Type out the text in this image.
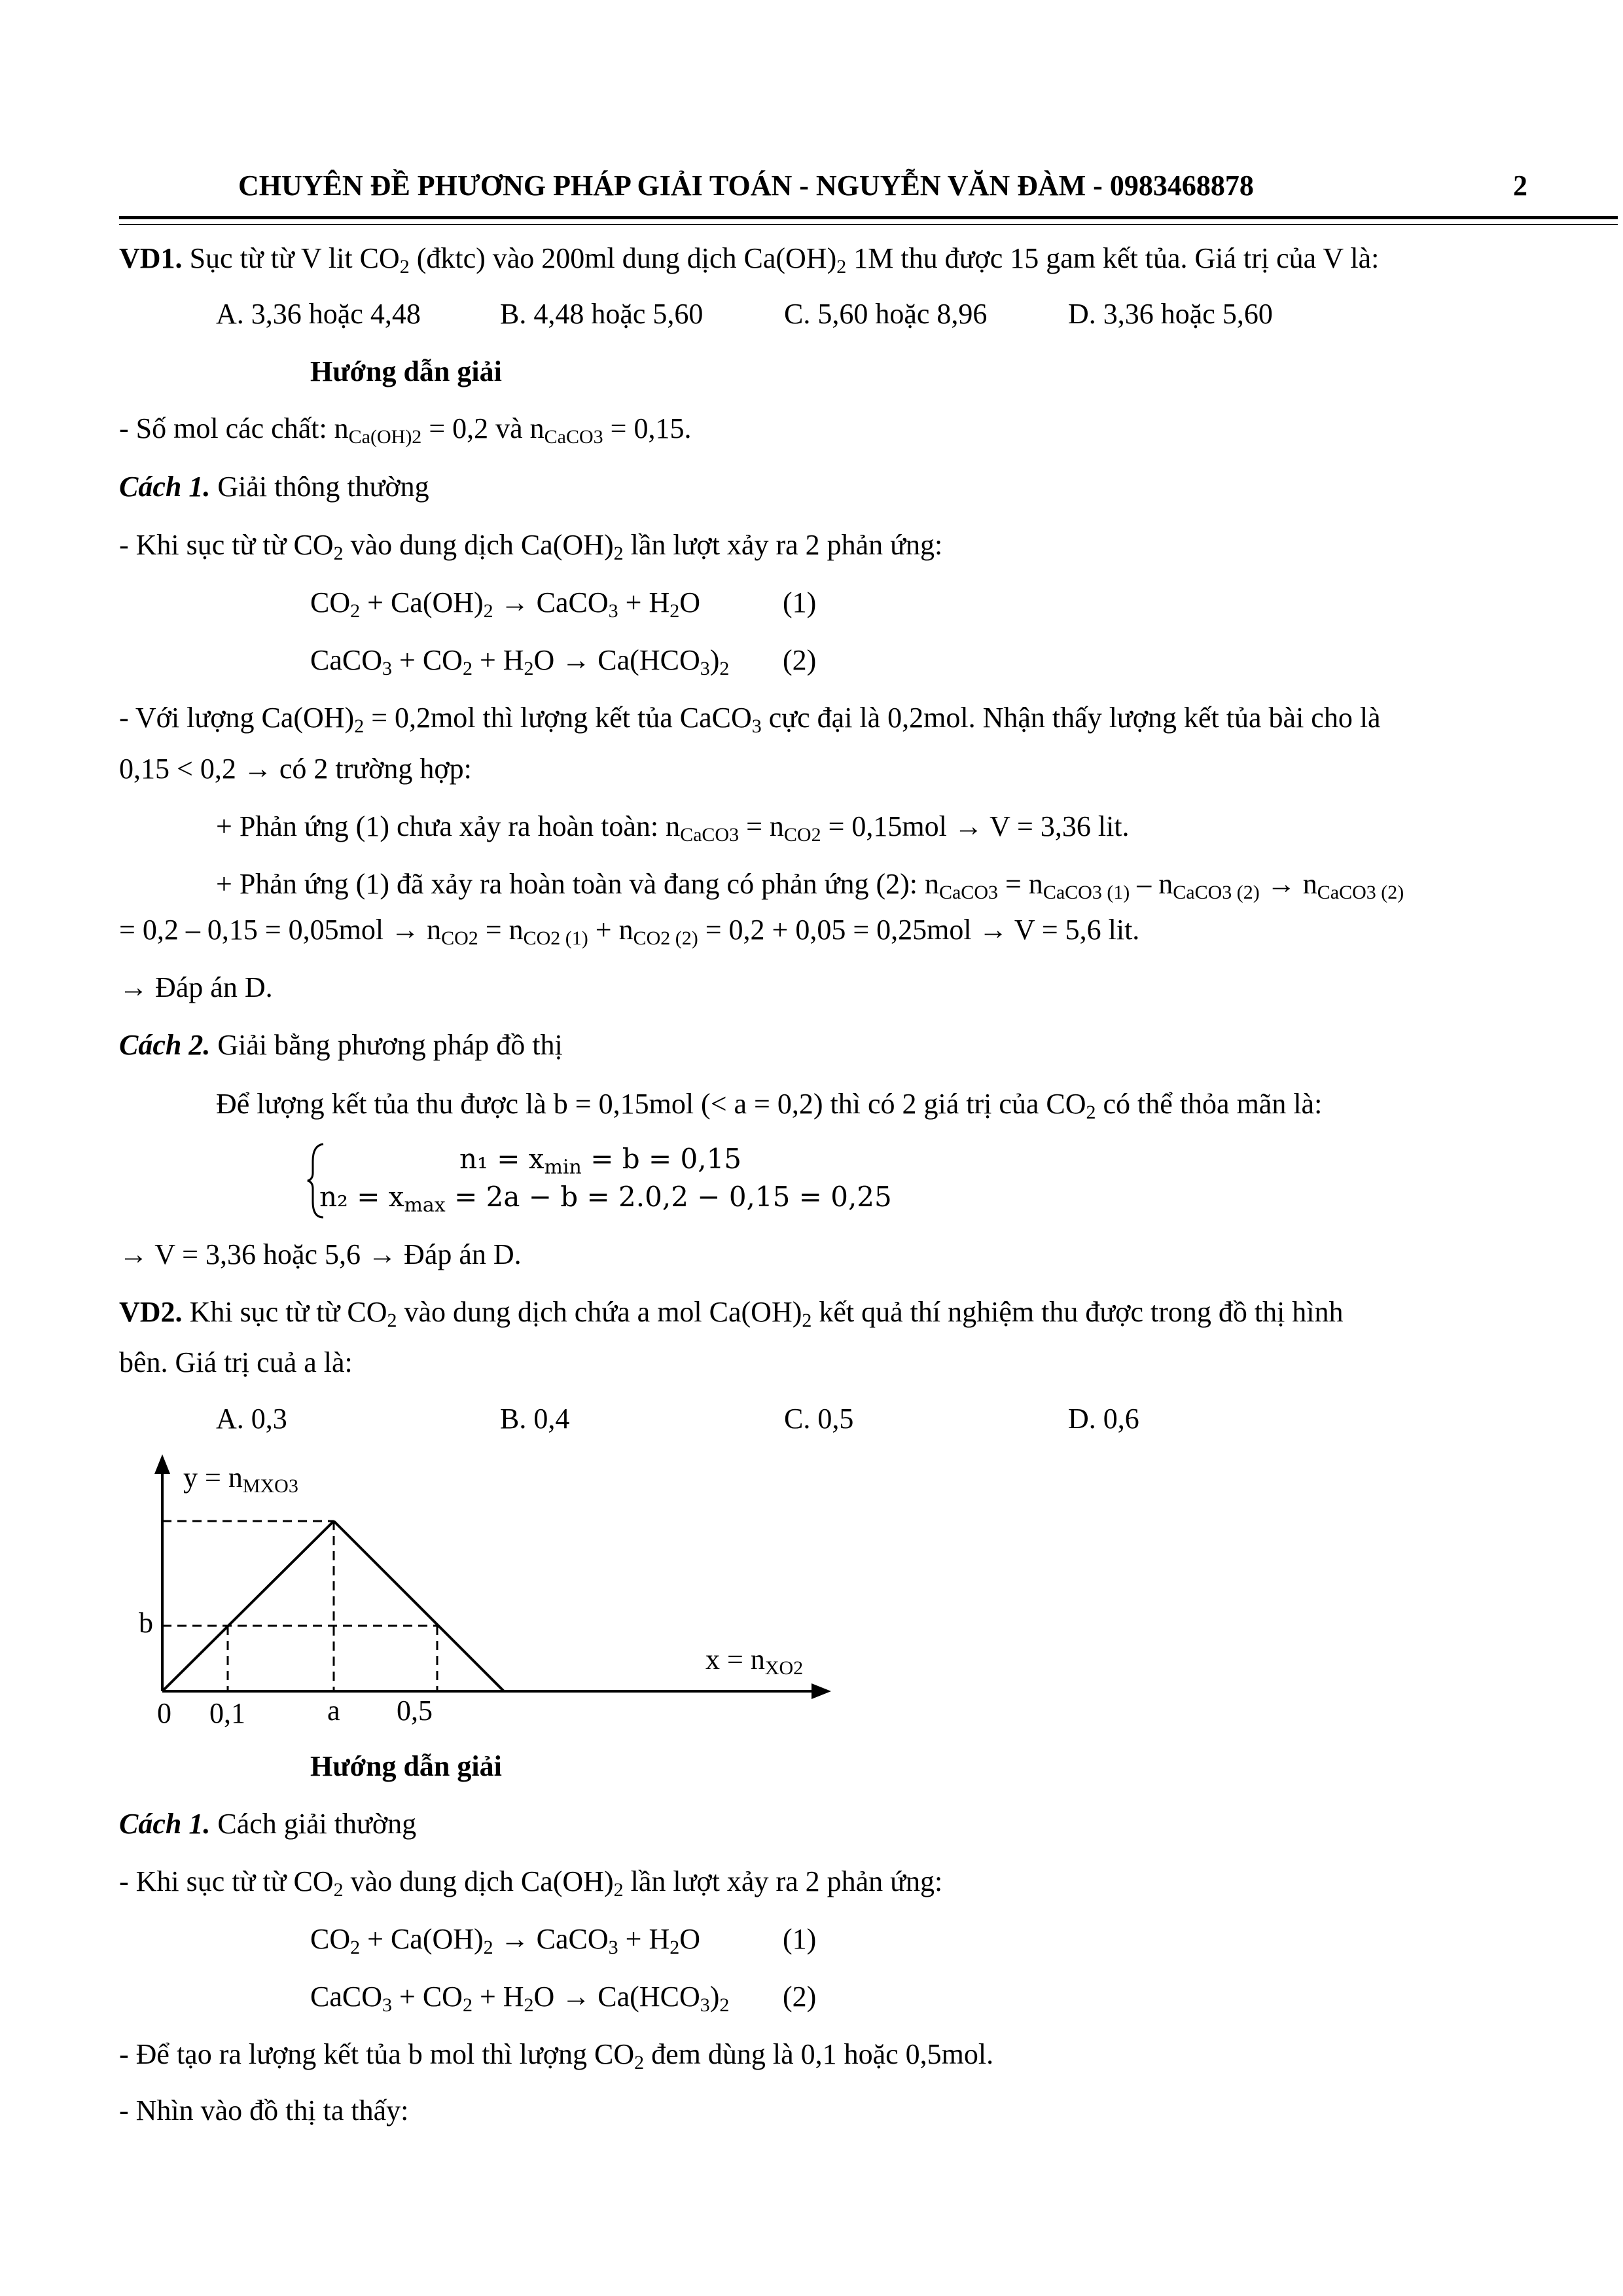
CHUYÊN ĐỀ PHƯƠNG PHÁP GIẢI TOÁN - NGUYỄN VĂN ĐÀM - 0983468878	2
VD1. Sục từ từ V lit $CO_2$ (đktc) vào 200ml dung dịch $Ca(OH)_2$ 1M thu được 15 gam kết tủa. Giá trị của V là:
A. 3,36 hoặc 4,48	B. 4,48 hoặc 5,60	C. 5,60 hoặc 8,96	D. 3,36 hoặc 5,60
Hướng dẫn giải
- Số mol các chất: $n_{Ca(OH)2} = 0,2$ và $n_{CaCO3} = 0,15$.
Cách 1. Giải thông thường
- Khi sục từ từ $CO_2$ vào dung dịch $Ca(OH)_2$ lần lượt xảy ra 2 phản ứng:
$CO_2 + Ca(OH)_2$ → CaCO$_3$ + $H_2O$	(1)
CaCO$_3$ + $CO_2 + H_2O \to Ca(HCO_3)_2$ (2)
- Với lượng $Ca(OH)_2 = 0,2mol$ thì lượng kết tủa CaCO$_3$ cực đại là 0,2mol. Nhận thấy lượng kết tủa bài cho là
0,15 < 0,2 → có 2 trường hợp:
+ Phản ứng (1) chưa xảy ra hoàn toàn: $n_{CaCO3} = n_{CO2} = 0,15mol \to V = 3,36$ lit.
+ Phản ứng (1) đã xảy ra hoàn toàn và đang có phản ứng (2): $n_{CaCO3} = n_{CaCO3 (1)} - n_{CaCO3 (2)} \to n_{CaCO3 (2)}$
= $0,2 - 0,15 = 0,05mol \to n_{CO2} = n_{CO2 (1)} + n_{CO2 (2)} = 0,2 + 0,05 = 0,25mol \to V = 5,6$ lit.
→ Đáp án D.
Cách 2. Giải bằng phương pháp đồ thị
Để lượng kết tủa thu được là b = 0,15mol (< a = 0,2) thì có 2 giá trị của $CO_2$ có thể thỏa mãn là:
$n_1 = x_{min} = b = 0,15$
$n_2 = x_{max} = 2a - b = 2.0,2 - 0,15 = 0,25$
→ V = 3,36 hoặc 5,6 → Đáp án D.
VD2. Khi sục từ từ $CO_2$ vào dung dịch chứa a mol $Ca(OH)_2$ kết quả thí nghiệm thu được trong đồ thị hình
bên. Giá trị cuả a là:
A. 0,3	B. 0,4	C. 0,5	D. 0,6
y = nMXO3
x = nXO2
b
0 0,1	a 0,5
Hướng dẫn giải
Cách 1. Cách giải thường
- Khi sục từ từ $CO_2$ vào dung dịch $Ca(OH)_2$ lần lượt xảy ra 2 phản ứng:
$CO_2 + Ca(OH)_2$ → CaCO$_3$ + $H_2O$	(1)
CaCO$_3$ + $CO_2 + H_2O \to Ca(HCO_3)_2$ (2)
- Để tạo ra lượng kết tủa b mol thì lượng $CO_2$ đem dùng là 0,1 hoặc 0,5mol.
- Nhìn vào đồ thị ta thấy:
